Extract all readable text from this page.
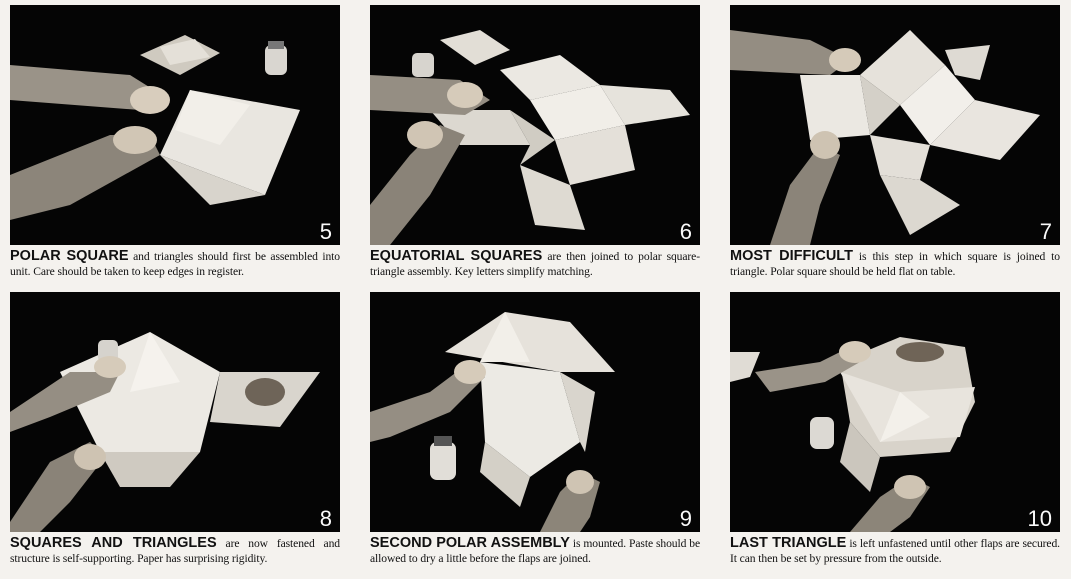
5
POLAR SQUARE and triangles should first be assembled into unit. Care should be taken to keep edges in register.
6
EQUATORIAL SQUARES are then joined to polar square-triangle assembly. Key letters simplify matching.
7
MOST DIFFICULT is this step in which square is joined to triangle. Polar square should be held flat on table.
8
SQUARES AND TRIANGLES are now fastened and structure is self-supporting. Paper has surprising rigidity.
9
SECOND POLAR ASSEMBLY is mounted. Paste should be allowed to dry a little before the flaps are joined.
10
LAST TRIANGLE is left unfastened until other flaps are secured. It can then be set by pressure from the outside.
